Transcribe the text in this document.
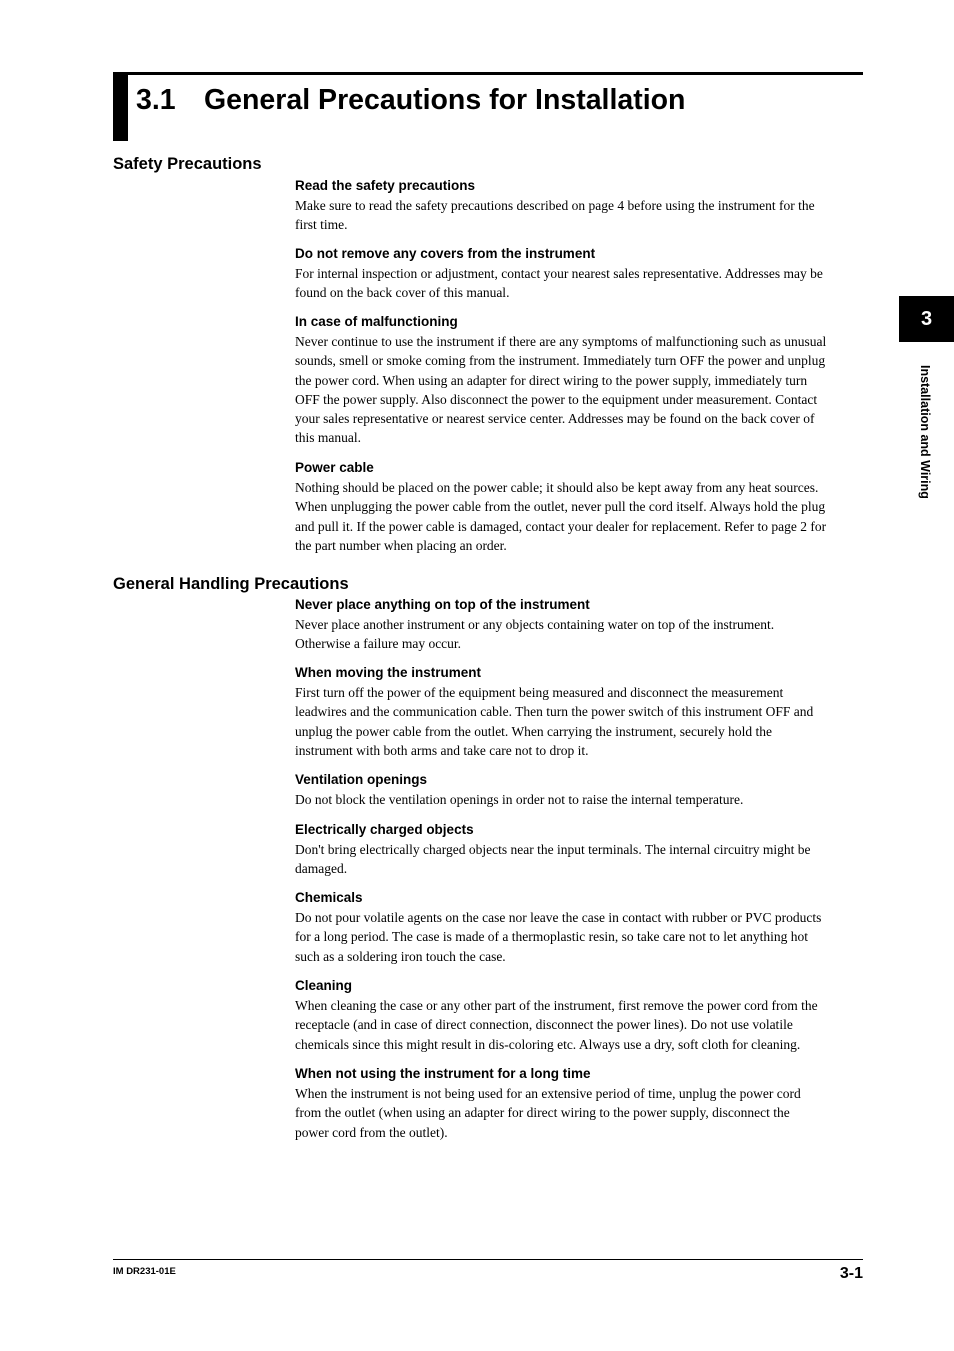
3.1 General Precautions for Installation
3
Installation and Wiring
Safety Precautions
Read the safety precautions

Make sure to read the safety precautions described on page 4 before using the instrument for the
first time.

Do not remove any covers from the instrument

For internal inspection or adjustment, contact your nearest sales representative. Addresses may be
found on the back cover of this manual.

In case of malfunctioning

Never continue to use the instrument if there are any symptoms of malfunctioning such as unusual
sounds, smell or smoke coming from the instrument. Immediately turn OFF the power and unplug
the power cord. When using an adapter for direct wiring to the power supply, immediately turn
OFF the power supply. Also disconnect the power to the equipment under measurement. Contact
your sales representative or nearest service center. Addresses may be found on the back cover of
this manual.

Power cable

Nothing should be placed on the power cable; it should also be kept away from any heat sources.
When unplugging the power cable from the outlet, never pull the cord itself. Always hold the plug
and pull it. If the power cable is damaged, contact your dealer for replacement. Refer to page 2 for
the part number when placing an order.

General Handling Precautions
Never place anything on top of the instrument

Never place another instrument or any objects containing water on top of the instrument.
Otherwise a failure may occur.

When moving the instrument

First turn off the power of the equipment being measured and disconnect the measurement
leadwires and the communication cable. Then turn the power switch of this instrument OFF and
unplug the power cable from the outlet. When carrying the instrument, securely hold the
instrument with both arms and take care not to drop it.

Ventilation openings

Do not block the ventilation openings in order not to raise the internal temperature.

Electrically charged objects

Don't bring electrically charged objects near the input terminals. The internal circuitry might be
damaged.

Chemicals

Do not pour volatile agents on the case nor leave the case in contact with rubber or PVC products
for a long period. The case is made of a thermoplastic resin, so take care not to let anything hot
such as a soldering iron touch the case.

Cleaning

When cleaning the case or any other part of the instrument, first remove the power cord from the
receptacle (and in case of direct connection, disconnect the power lines). Do not use volatile
chemicals since this might result in dis-coloring etc. Always use a dry, soft cloth for cleaning.

When not using the instrument for a long time

When the instrument is not being used for an extensive period of time, unplug the power cord
from the outlet (when using an adapter for direct wiring to the power supply, disconnect the
power cord from the outlet).

IM DR231-01E	3-1
